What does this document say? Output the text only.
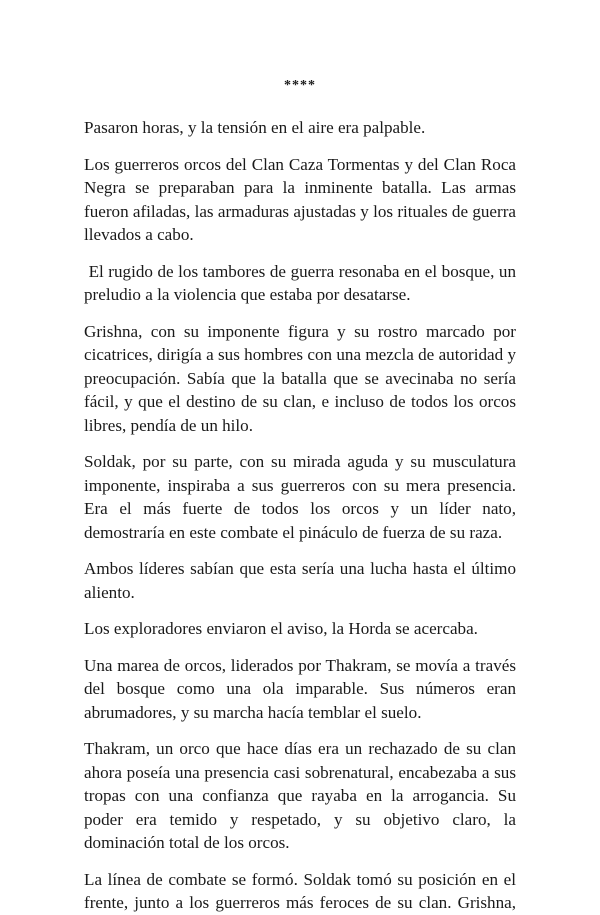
****

Pasaron horas, y la tensión en el aire era palpable.

Los guerreros orcos del Clan Caza Tormentas y del Clan Roca Negra se preparaban para la inminente batalla. Las armas fueron afiladas, las armaduras ajustadas y los rituales de guerra llevados a cabo.

El rugido de los tambores de guerra resonaba en el bosque, un preludio a la violencia que estaba por desatarse.

Grishna, con su imponente figura y su rostro marcado por cicatrices, dirigía a sus hombres con una mezcla de autoridad y preocupación. Sabía que la batalla que se avecinaba no sería fácil, y que el destino de su clan, e incluso de todos los orcos libres, pendía de un hilo.

Soldak, por su parte, con su mirada aguda y su musculatura imponente, inspiraba a sus guerreros con su mera presencia. Era el más fuerte de todos los orcos y un líder nato, demostraría en este combate el pináculo de fuerza de su raza.

Ambos líderes sabían que esta sería una lucha hasta el último aliento.

Los exploradores enviaron el aviso, la Horda se acercaba.

Una marea de orcos, liderados por Thakram, se movía a través del bosque como una ola imparable. Sus números eran abrumadores, y su marcha hacía temblar el suelo.

Thakram, un orco que hace días era un rechazado de su clan ahora poseía una presencia casi sobrenatural, encabezaba a sus tropas con una confianza que rayaba en la arrogancia. Su poder era temido y respetado, y su objetivo claro, la dominación total de los orcos.

La línea de combate se formó. Soldak tomó su posición en el frente, junto a los guerreros más feroces de su clan. Grishna,
